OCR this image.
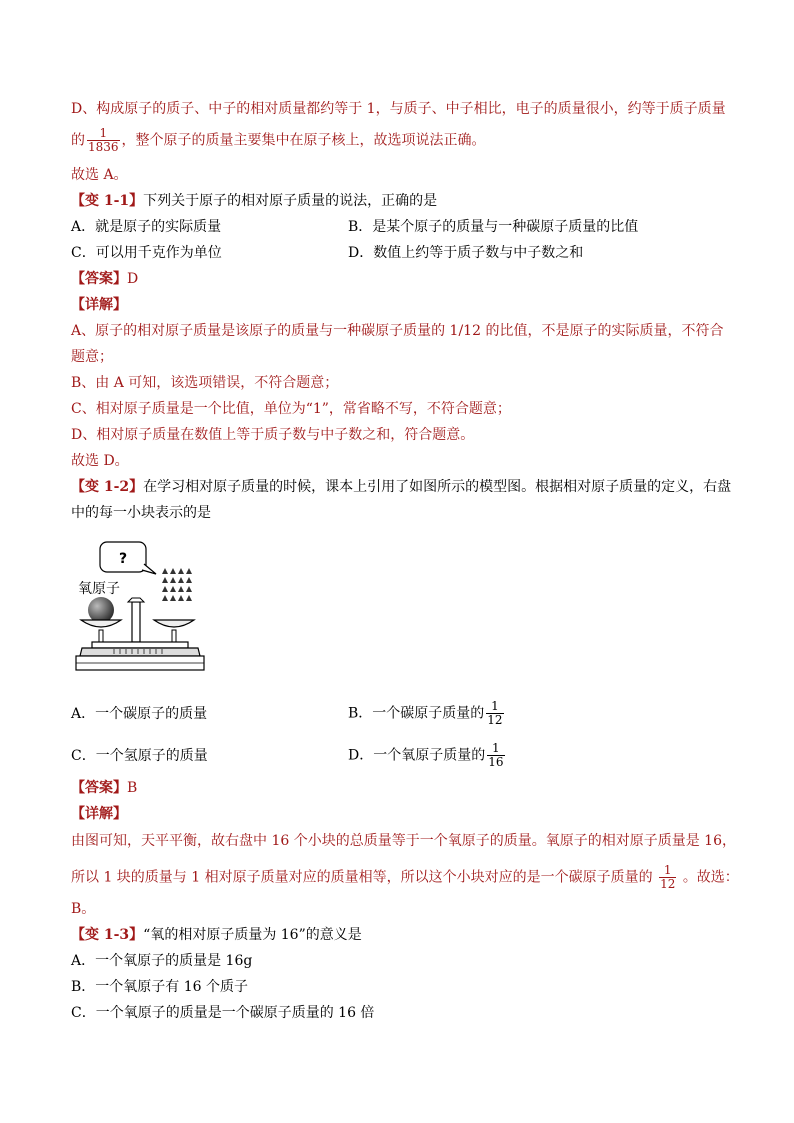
D、构成原子的质子、中子的相对质量都约等于 1，与质子、中子相比，电子的质量很小，约等于质子质量
的 $\frac{1}{1836}$ ，整个原子的质量主要集中在原子核上，故选项说法正确。
故选 A。
【变 1-1】下列关于原子的相对原子质量的说法，正确的是
A．就是原子的实际质量	B．是某个原子的质量与一种碳原子质量的比值
C．可以用千克作为单位	D．数值上约等于质子数与中子数之和
【答案】D
【详解】
A、原子的相对原子质量是该原子的质量与一种碳原子质量的 1/12 的比值，不是原子的实际质量，不符合
题意；
B、由 A 可知，该选项错误，不符合题意；
C、相对原子质量是一个比值，单位为“1”，常省略不写，不符合题意；
D、相对原子质量在数值上等于质子数与中子数之和，符合题意。
故选 D。
【变 1-2】在学习相对原子质量的时候，课本上引用了如图所示的模型图。根据相对原子质量的定义，右盘
中的每一小块表示的是
?
氧原子
A．一个碳原子的质量	B．一个碳原子质量的 $\frac{1}{12}$
C．一个氢原子的质量	D．一个氧原子质量的 $\frac{1}{16}$
【答案】B
【详解】
由图可知，天平平衡，故右盘中 16 个小块的总质量等于一个氧原子的质量。氧原子的相对原子质量是 16，
所以 1 块的质量与 1 相对原子质量对应的质量相等，所以这个小块对应的是一个碳原子质量的 $\frac{1}{12}$ 。故选：
B。
【变 1-3】“氧的相对原子质量为 16”的意义是
A．一个氧原子的质量是 16g
B．一个氧原子有 16 个质子
C．一个氧原子的质量是一个碳原子质量的 16 倍
